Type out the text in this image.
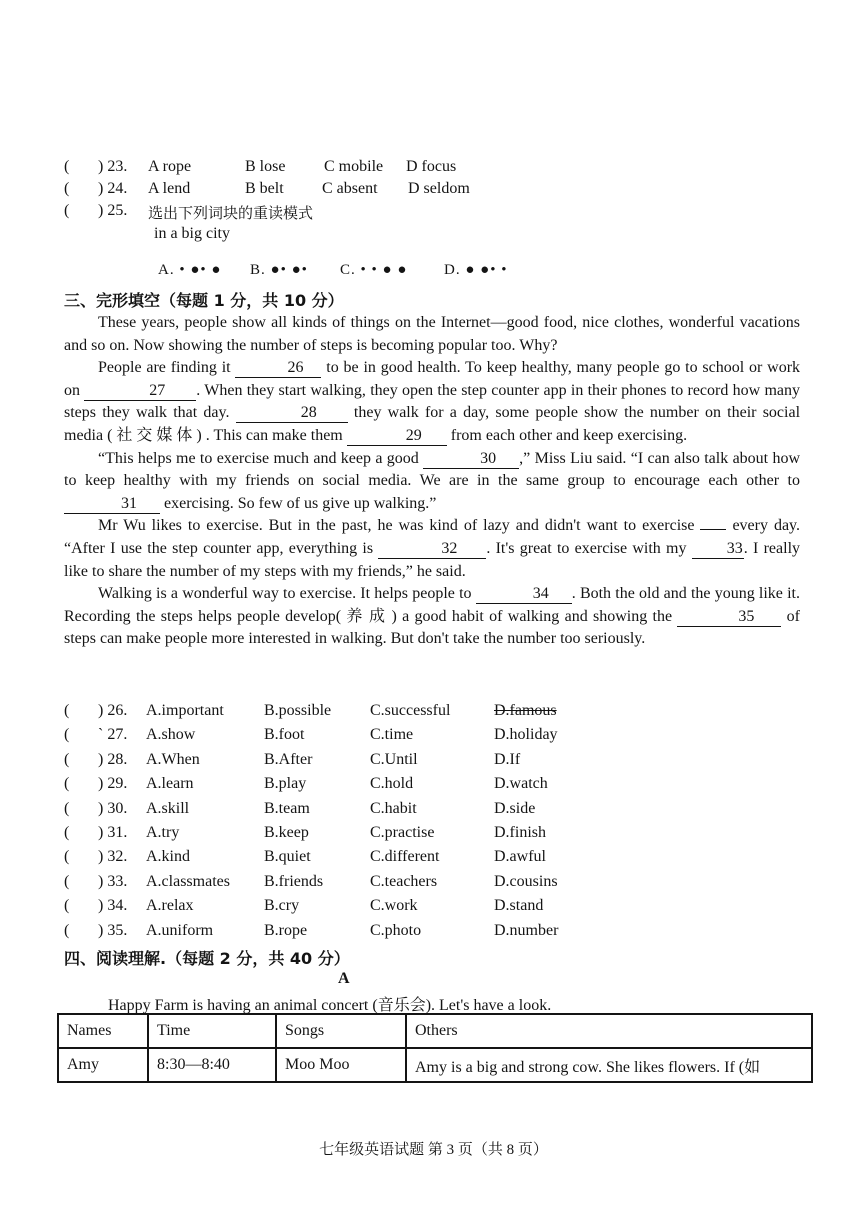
( ) 23. A rope	B lose C mobile D focus
( ) 24. A lend	B belt C absent D seldom
( ) 25. 选出下列词块的重读模式
in a big city
A. • ●• ● B. ●• ●• C. • • ● ● D. ● ●• •
三、完形填空（每题 1 分，共 10 分）

These years, people show all kinds of things on the Internet—good food, nice clothes, wonderful vacations and so on. Now showing the number of steps is becoming popular too. Why?

People are finding it	26 to be in good health. To keep healthy, many people go to school or work on	27 . When they start walking, they open the step counter app in their phones to record how many steps they walk that day.	28 they walk for a day, some people show the number on their social media ( 社 交 媒 体 ) . This can make them	29 from each other and keep exercising.

“This helps me to exercise much and keep a good	30 ,” Miss Liu said. “I can also talk about how to keep healthy with my friends on social media. We are in the same group to encourage each other to 31 exercising. So few of us give up walking.”

Mr Wu likes to exercise. But in the past, he was kind of lazy and didn't want to exercise every day. “After I use the step counter app, everything is	32 . It's great to exercise with my	33. I really like to share the number of my steps with my friends,” he said.

Walking is a wonderful way to exercise. It helps people to	34 . Both the old and the young like it. Recording the steps helps people develop( 养 成 ) a good habit of walking and showing the	35 of steps can make people more interested in walking. But don't take the number too seriously.

( ) 26. A.important	B.possible C.successful	D.famous
( ` 27. A.show	B.foot	C.time	D.holiday
( ) 28. A.When	B.After	C.Until	D.If
( ) 29. A.learn	B.play	C.hold	D.watch
( ) 30. A.skill	B.team	C.habit	D.side
( ) 31. A.try	B.keep	C.practise	D.finish
( ) 32. A.kind	B.quiet	C.different	D.awful
( ) 33. A.classmates B.friends	C.teachers	D.cousins
( ) 34. A.relax	B.cry	C.work	D.stand
( ) 35. A.uniform	B.rope	C.photo	D.number
四、阅读理解.（每题 2 分，共 40 分）
A
Happy Farm is having an animal concert (音乐会). Let's have a look.
Names	Time	Songs	Others
Amy	8:30—8:40	Moo Moo	Amy is a big and strong cow. She likes flowers. If (如
七年级英语试题 第 3 页（共 8 页）
